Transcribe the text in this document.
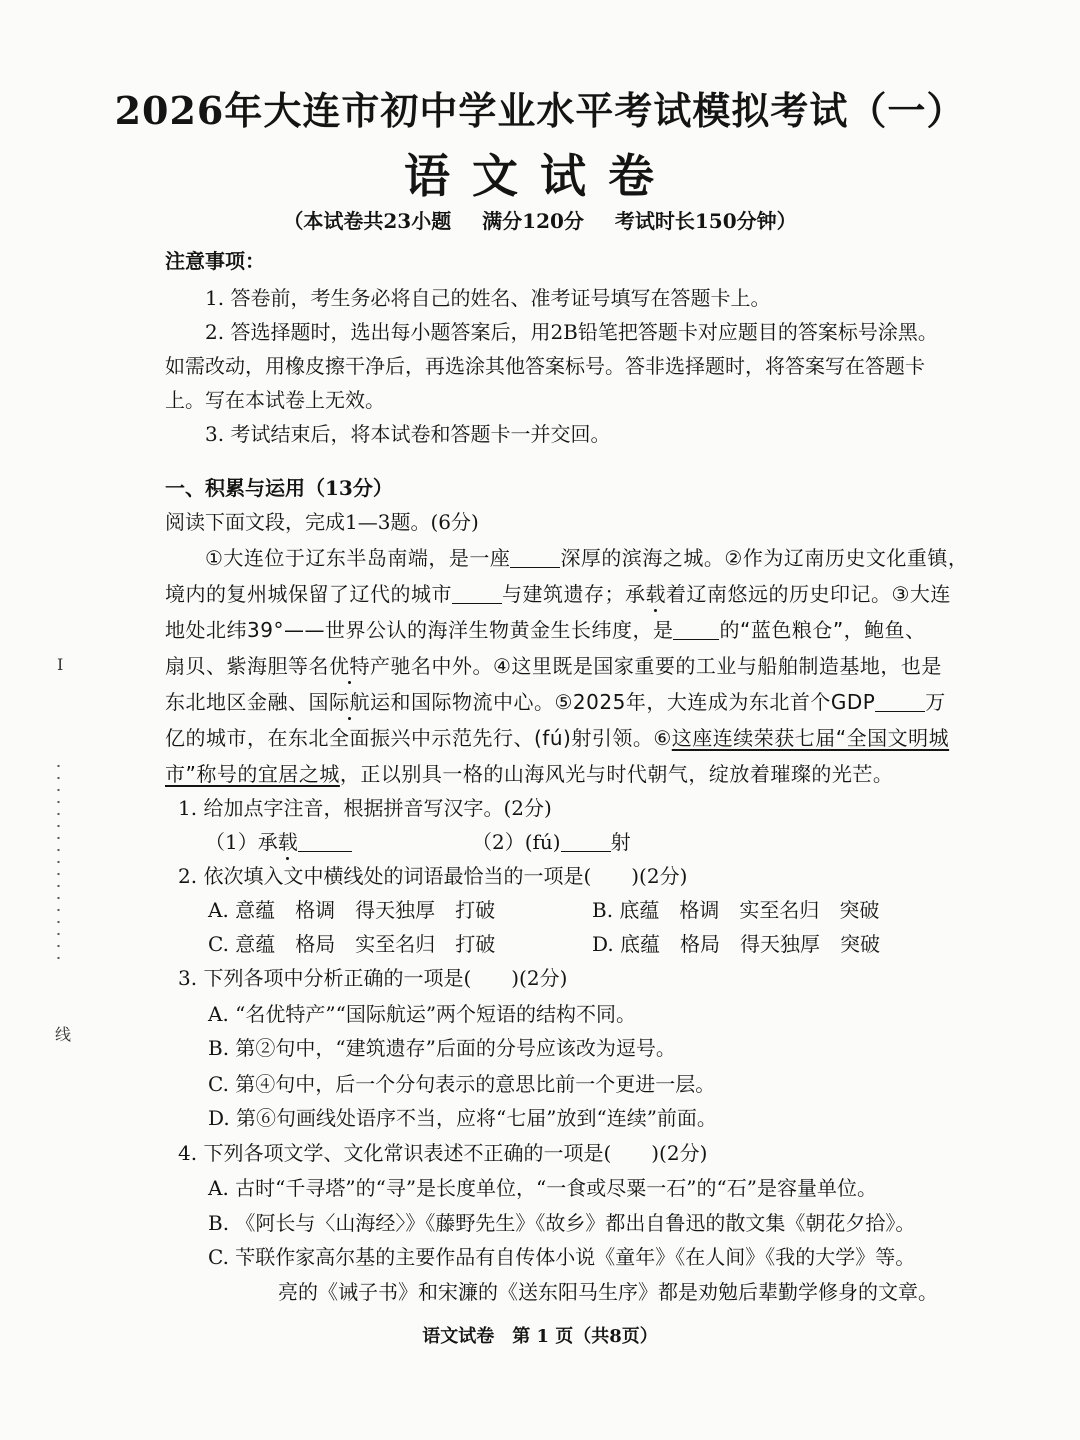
2026年大连市初中学业水平考试模拟考试（一）
语文试卷
（本试卷共23小题 满分120分 考试时长150分钟）
注意事项：
1. 答卷前，考生务必将自己的姓名、准考证号填写在答题卡上。
2. 答选择题时，选出每小题答案后，用2B铅笔把答题卡对应题目的答案标号涂黑。
如需改动，用橡皮擦干净后，再选涂其他答案标号。答非选择题时，将答案写在答题卡
上。写在本试卷上无效。
3. 考试结束后，将本试卷和答题卡一并交回。
一、积累与运用（13分）
阅读下面文段，完成1—3题。(6分)
①大连位于辽东半岛南端，是一座	深厚的滨海之城。②作为辽南历史文化重镇，
境内的复州城保留了辽代的城市	与建筑遗存；承载着辽南悠远的历史印记。③大连
地处北纬39°——世界公认的海洋生物黄金生长纬度，是 的“蓝色粮仓”，鲍鱼、
扇贝、紫海胆等名优特产驰名中外。④这里既是国家重要的工业与船舶制造基地，也是
东北地区金融、国际航运和国际物流中心。⑤2025年，大连成为东北首个GDP	万
亿的城市，在东北全面振兴中示范先行、(fú)射引领。⑥这座连续荣获七届“全国文明城
市”称号的宜居之城，正以别具一格的山海风光与时代朝气，绽放着璀璨的光芒。
1. 给加点字注音，根据拼音写汉字。(2分)
（1）承载	（2）(fú)	射
2. 依次填入文中横线处的词语最恰当的一项是(　　)(2分)
A. 意蕴　格调　得天独厚　打破	B. 底蕴　格调　实至名归　突破
C. 意蕴　格局　实至名归　打破	D. 底蕴　格局　得天独厚　突破
3. 下列各项中分析正确的一项是(　　)(2分)
A. “名优特产”“国际航运”两个短语的结构不同。
B. 第②句中，“建筑遗存”后面的分号应该改为逗号。
C. 第④句中，后一个分句表示的意思比前一个更进一层。
D. 第⑥句画线处语序不当，应将“七届”放到“连续”前面。
4. 下列各项文学、文化常识表述不正确的一项是(　　)(2分)
A. 古时“千寻塔”的“寻”是长度单位，“一食或尽粟一石”的“石”是容量单位。
B. 《阿长与〈山海经〉》《藤野先生》《故乡》都出自鲁迅的散文集《朝花夕拾》。
C. 苄联作家高尔基的主要作品有自传体小说《童年》《在人间》《我的大学》等。
亮的《诫子书》和宋濂的《送东阳马生序》都是劝勉后辈勤学修身的文章。
语文试卷　第 1 页（共8页）
I
线
